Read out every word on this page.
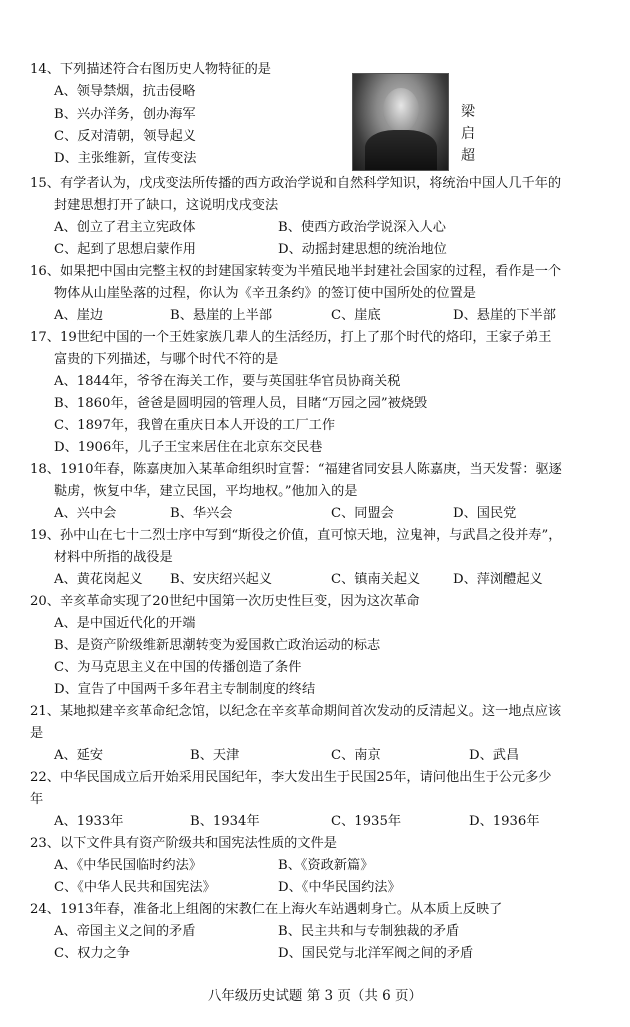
14、下列描述符合右图历史人物特征的是
A、领导禁烟，抗击侵略
B、兴办洋务，创办海军
C、反对清朝，领导起义
D、主张维新，宣传变法
梁
启
超
15、有学者认为，戊戌变法所传播的西方政治学说和自然科学知识，将统治中国人几千年的
封建思想打开了缺口，这说明戊戌变法
A、创立了君主立宪政体	B、使西方政治学说深入人心
C、起到了思想启蒙作用	D、动摇封建思想的统治地位
16、如果把中国由完整主权的封建国家转变为半殖民地半封建社会国家的过程，看作是一个
物体从山崖坠落的过程，你认为《辛丑条约》的签订使中国所处的位置是
A、崖边	B、悬崖的上半部	C、崖底	D、悬崖的下半部
17、19世纪中国的一个王姓家族几辈人的生活经历，打上了那个时代的烙印，王家子弟王
富贵的下列描述，与哪个时代不符的是
A、1844年，爷爷在海关工作，要与英国驻华官员协商关税
B、1860年，爸爸是圆明园的管理人员，目睹“万园之园”被烧毁
C、1897年，我曾在重庆日本人开设的工厂工作
D、1906年，儿子王宝来居住在北京东交民巷
18、1910年春，陈嘉庚加入某革命组织时宣誓：“福建省同安县人陈嘉庚，当天发誓：驱逐
鞑虏，恢复中华，建立民国，平均地权。”他加入的是
A、兴中会	B、华兴会	C、同盟会	D、国民党
19、孙中山在七十二烈士序中写到“斯役之价值，直可惊天地，泣鬼神，与武昌之役并寿”，
材料中所指的战役是
A、黄花岗起义 B、安庆绍兴起义	C、镇南关起义 D、萍浏醴起义
20、辛亥革命实现了20世纪中国第一次历史性巨变，因为这次革命
A、是中国近代化的开端
B、是资产阶级维新思潮转变为爱国救亡政治运动的标志
C、为马克思主义在中国的传播创造了条件
D、宣告了中国两千多年君主专制制度的终结
21、某地拟建辛亥革命纪念馆，以纪念在辛亥革命期间首次发动的反清起义。这一地点应该
是
A、延安	B、天津	C、南京	D、武昌
22、中华民国成立后开始采用民国纪年，李大发出生于民国25年，请问他出生于公元多少
年
A、1933年	B、1934年	C、1935年	D、1936年
23、以下文件具有资产阶级共和国宪法性质的文件是
A、《中华民国临时约法》	B、《资政新篇》
C、《中华人民共和国宪法》	D、《中华民国约法》
24、1913年春，准备北上组阁的宋教仁在上海火车站遇刺身亡。从本质上反映了
A、帝国主义之间的矛盾	B、民主共和与专制独裁的矛盾
C、权力之争	D、国民党与北洋军阀之间的矛盾
八年级历史试题 第 3 页（共 6 页）
